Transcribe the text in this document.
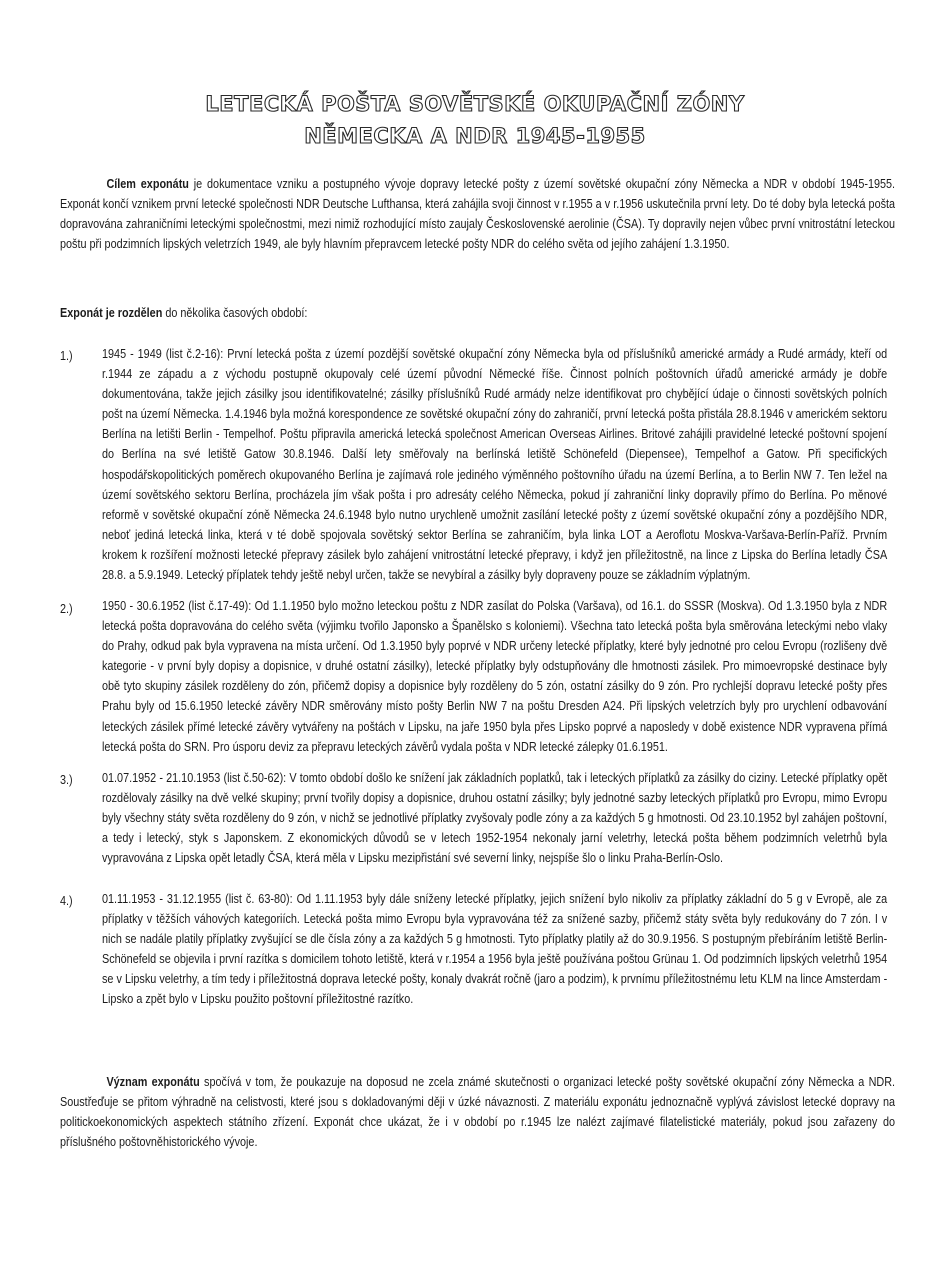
LETECKÁ POŠTA SOVĚTSKÉ OKUPAČNÍ ZÓNY
NĚMECKA A NDR 1945-1955
Cílem exponátu je dokumentace vzniku a postupného vývoje dopravy letecké pošty z území sovětské okupační zóny Německa a NDR v období 1945-1955. Exponát končí vznikem první letecké společnosti NDR Deutsche Lufthansa, která zahájila svoji činnost v r.1955 a v r.1956 uskutečnila první lety. Do té doby byla letecká pošta dopravována zahraničními leteckými společnostmi, mezi nimiž rozhodující místo zaujaly Československé aerolinie (ČSA). Ty dopravily nejen vůbec první vnitrostátní leteckou poštu při podzimních lipských veletrzích 1949, ale byly hlavním přepravcem letecké pošty NDR do celého světa od jejího zahájení 1.3.1950.
Exponát je rozdělen do několika časových období:
1.) 1945 - 1949 (list č.2-16): První letecká pošta z území pozdější sovětské okupační zóny Německa byla od příslušníků americké armády a Rudé armády, kteří od r.1944 ze západu a z východu postupně okupovaly celé území původní Německé říše. Činnost polních poštovních úřadů americké armády je dobře dokumentována, takže jejich zásilky jsou identifikovatelné; zásilky příslušníků Rudé armády nelze identifikovat pro chybějící údaje o činnosti sovětských polních pošt na území Německa. 1.4.1946 byla možná korespondence ze sovětské okupační zóny do zahraničí, první letecká pošta přistála 28.8.1946 v americkém sektoru Berlína na letišti Berlin - Tempelhof. Poštu připravila americká letecká společnost American Overseas Airlines. Britové zahájili pravidelné letecké poštovní spojení do Berlína na své letiště Gatow 30.8.1946. Další lety směřovaly na berlínská letiště Schönefeld (Diepensee), Tempelhof a Gatow. Při specifických hospodářskopolitických poměrech okupovaného Berlína je zajímavá role jediného výměnného poštovního úřadu na území Berlína, a to Berlin NW 7. Ten ležel na území sovětského sektoru Berlína, procházela jím však pošta i pro adresáty celého Německa, pokud jí zahraniční linky dopravily přímo do Berlína. Po měnové reformě v sovětské okupační zóně Německa 24.6.1948 bylo nutno urychleně umožnit zasílání letecké pošty z území sovětské okupační zóny a pozdějšího NDR, neboť jediná letecká linka, která v té době spojovala sovětský sektor Berlína se zahraničím, byla linka LOT a Aeroflotu Moskva-Varšava-Berlín-Paříž. Prvním krokem k rozšíření možnosti letecké přepravy zásilek bylo zahájení vnitrostátní letecké přepravy, i když jen příležitostně, na lince z Lipska do Berlína letadly ČSA 28.8. a 5.9.1949. Letecký příplatek tehdy ještě nebyl určen, takže se nevybíral a zásilky byly dopraveny pouze se základním výplatným.
2.) 1950 - 30.6.1952 (list č.17-49): Od 1.1.1950 bylo možno leteckou poštu z NDR zasílat do Polska (Varšava), od 16.1. do SSSR (Moskva). Od 1.3.1950 byla z NDR letecká pošta dopravována do celého světa (výjimku tvořilo Japonsko a Španělsko s koloniemi). Všechna tato letecká pošta byla směrována leteckými nebo vlaky do Prahy, odkud pak byla vypravena na místa určení. Od 1.3.1950 byly poprvé v NDR určeny letecké příplatky, které byly jednotné pro celou Evropu (rozlišeny dvě kategorie - v první byly dopisy a dopisnice, v druhé ostatní zásilky), letecké příplatky byly odstupňovány dle hmotnosti zásilek. Pro mimoevropské destinace byly obě tyto skupiny zásilek rozděleny do zón, přičemž dopisy a dopisnice byly rozděleny do 5 zón, ostatní zásilky do 9 zón. Pro rychlejší dopravu letecké pošty přes Prahu byly od 15.6.1950 letecké závěry NDR směrovány místo pošty Berlin NW 7 na poštu Dresden A24. Při lipských veletrzích byly pro urychlení odbavování leteckých zásilek přímé letecké závěry vytvářeny na poštách v Lipsku, na jaře 1950 byla přes Lipsko poprvé a naposledy v době existence NDR vypravena přímá letecká pošta do SRN. Pro úsporu deviz za přepravu leteckých závěrů vydala pošta v NDR letecké zálepky 01.6.1951.
3.) 01.07.1952 - 21.10.1953 (list č.50-62): V tomto období došlo ke snížení jak základních poplatků, tak i leteckých příplatků za zásilky do ciziny. Letecké příplatky opět rozdělovaly zásilky na dvě velké skupiny; první tvořily dopisy a dopisnice, druhou ostatní zásilky; byly jednotné sazby leteckých příplatků pro Evropu, mimo Evropu byly všechny státy světa rozděleny do 9 zón, v nichž se jednotlivé příplatky zvyšovaly podle zóny a za každých 5 g hmotnosti. Od 23.10.1952 byl zahájen poštovní, a tedy i letecký, styk s Japonskem. Z ekonomických důvodů se v letech 1952-1954 nekonaly jarní veletrhy, letecká pošta během podzimních veletrhů byla vypravována z Lipska opět letadly ČSA, která měla v Lipsku mezipřistání své severní linky, nejspíše šlo o linku Praha-Berlín-Oslo.
4.) 01.11.1953 - 31.12.1955 (list č. 63-80): Od 1.11.1953 byly dále sníženy letecké příplatky, jejich snížení bylo nikoliv za příplatky základní do 5 g v Evropě, ale za příplatky v těžších váhových kategoriích. Letecká pošta mimo Evropu byla vypravována též za snížené sazby, přičemž státy světa byly redukovány do 7 zón. I v nich se nadále platily příplatky zvyšující se dle čísla zóny a za každých 5 g hmotnosti. Tyto příplatky platily až do 30.9.1956. S postupným přebíráním letiště Berlin-Schönefeld se objevila i první razítka s domicilem tohoto letiště, která v r.1954 a 1956 byla ještě používána poštou Grünau 1. Od podzimních lipských veletrhů 1954 se v Lipsku veletrhy, a tím tedy i příležitostná doprava letecké pošty, konaly dvakrát ročně (jaro a podzim), k prvnímu příležitostnému letu KLM na lince Amsterdam - Lipsko a zpět bylo v Lipsku použito poštovní příležitostné razítko.
Význam exponátu spočívá v tom, že poukazuje na doposud ne zcela známé skutečnosti o organizaci letecké pošty sovětské okupační zóny Německa a NDR. Soustřeďuje se přitom výhradně na celistvosti, které jsou s dokladovanými ději v úzké návaznosti. Z materiálu exponátu jednoznačně vyplývá závislost letecké dopravy na politickoekonomických aspektech státního zřízení. Exponát chce ukázat, že i v období po r.1945 lze nalézt zajímavé filatelistické materiály, pokud jsou zařazeny do příslušného poštovněhistorického vývoje.
